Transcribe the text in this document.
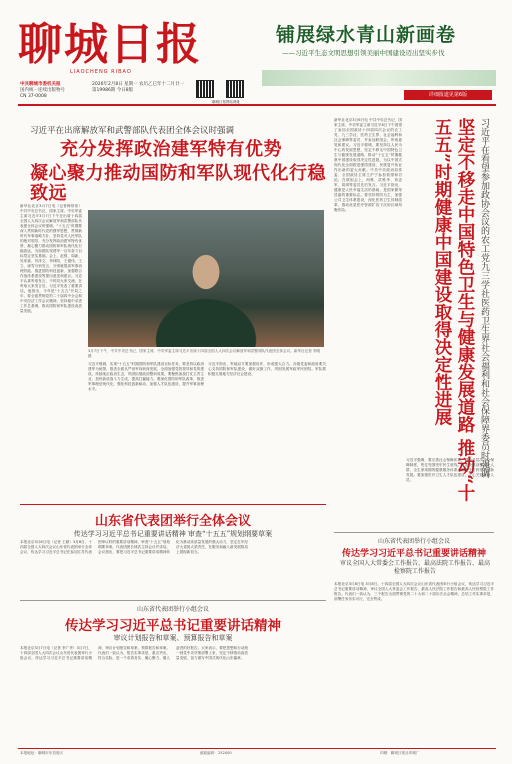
聊城日报
LIAOCHENG RIBAO
中共聊城市委机关报
国内统一连续出版物号
CN 37-0008
2026年2月8日 星期一 农历乙巳年十二月廿一
第19986期 今日8版
聊城日报网站网址
铺展绿水青山新画卷
——习近平生态文明思想引领美丽中国建设迈出坚实步伐
详细报道见第6版
习近平在出席解放军和武警部队代表团全体会议时强调
充分发挥政治建军特有优势
凝心聚力推动国防和军队现代化行稳致远
新华社北京3月7日电（记者梅常伟）中共中央总书记、国家主席、中央军委主席习近平3月7日下午在出席十四届全国人大四次会议解放军和武警部队代表团全体会议时强调，“十五五”时期要深入贯彻新时代党的强军思想，贯彻新时代军事战略方针，坚持党对人民军队的绝对领导，充分发挥政治建军特有优势，凝心聚力推动国防和军队现代化行稳致远，为如期实现建军一百年奋斗目标奠定坚实基础。会上，赵强、周新、吴家斌、肖泽文、李林阳、王德伟、王立、唐雪分别发言，分别就提高军事治理效能、推进国防科技创新、加强联合作战体系建设等提出意见和建议。习近平认真听取发言，不时同大家交流。在听取大家发言后，习近平发表了重要讲话。他指出，今年是“十五五”开局之年，要全面贯彻党的二十届四中全会和中央经济工作会议精神，坚持稳中求进工作总基调，推动国防和军队建设高质量发展。
习近平强调，实现“十五五”时期国防和军队建设目标任务，要坚持以政治建军为统领，推进全面从严治军向纵深发展，全面加强党的领导和党的建设，持续纯正政治生态，巩固拓展政治整训成果。要聚焦备战打仗主责主业，加快新质战斗力生成，提高打赢能力。要深化国防和军队改革，推进军事理论现代化，强化科技创新驱动，加强人才队伍建设，提升军事治理水平。
习近平指出，军地双方要加强协作，形成强大合力。各级党委和政府要关心支持国防和军队建设，做好双拥工作，巩固发展军政军民团结。军队要积极支援地方经济社会建设。
3月7日下午，中共中央总书记、国家主席、中央军委主席习近平出席十四届全国人大四次会议解放军和武警部队代表团全体会议。新华社记者 李刚 摄	习近平在看望参加政协会议的农工党九三学社医药卫生界社会福利和社会保障界委员时强调
坚定不移走中国特色卫生与健康发展道路 推动“十五五”时期健康中国建设取得决定性进展
新华社北京3月6日电 中共中央总书记、国家主席、中央军委主席习近平6日下午看望了参加全国政协十四届四次会议的农工党、九三学社、医药卫生界、社会福利和社会保障界委员，并参加联组会，听取意见和建议。习近平强调，要坚持以人民为中心的发展思想，坚定不移走中国特色卫生与健康发展道路，推动“十五五”时期健康中国建设取得决定性进展，为以中国式现代化全面推进强国建设、民族复兴伟业作出新的更大贡献。中共中央政治局常委、全国政协主席王沪宁参加看望和讨论。在联组会上，何维、武维华、刘忠军、周琪等委员先后发言。习近平指出，健康是人民幸福生活的基础，是国家繁荣昌盛的重要标志。要坚持预防为主，加强公共卫生体系建设，深化医药卫生体制改革，推动优质医疗资源扩容下沉和区域均衡布局。
习近平强调，要完善社会保障体系，健全多层次社会保障制度，兜住兜准兜牢民生底线。要加快建设覆盖全人群、全生命周期的健康服务体系，推进中医药传承创新发展。要加强医疗卫生人才队伍建设，关心关爱医务人员。
山东省代表团举行全体会议
传达学习习近平总书记重要讲话精神 审查“十五五”规划纲要草案
本报北京3月8日电（记者 王颖）3月8日，十四届全国人大四次会议山东省代表团举行全体会议，传达学习习近平总书记在参加江苏代表团审议时的重要讲话精神，审查“十五五”规划纲要草案。代表团团长林武主持会议并讲话。会议指出，要把习近平总书记重要讲话精神转化为推动高质量发展的强大动力，坚定扛牢经济大省挑大梁责任，在服务和融入新发展格局上展现新担当。
山东省代表团举行小组会议
传达学习习近平总书记重要讲话精神
审议全国人大常委会工作报告、最高法院工作报告、最高检察院工作报告
本报北京3月8日电 3月8日，十四届全国人大四次会议山东省代表团举行小组会议，传达学习习近平总书记重要讲话精神，审议全国人大常委会工作报告、最高人民法院工作报告和最高人民检察院工作报告。代表们一致认为，三个报告全面贯彻党的二十大和二十届历次全会精神，总结工作实事求是，部署任务务实可行，完全赞成。
山东省代表团举行小组会议
传达学习习近平总书记重要讲话精神
审议计划报告和草案、预算报告和草案
本报北京3月7日电（记者 李广华）3月7日，十四届全国人大四次会议山东省代表团举行小组会议，传达学习习近平总书记重要讲话精神，审议计划报告和草案、预算报告和草案。代表们一致认为，报告实事求是、重点突出，符合实际，是一个求真务实、凝心聚力、催人奋进的好报告。大家表示，要把思想和行动统一到党中央决策部署上来，坚定不移推动高质量发展，奋力谱写中国式现代化山东篇章。
本报地址：聊城市东昌府区	邮政编码：252000	印刷：聊城日报社印刷厂
